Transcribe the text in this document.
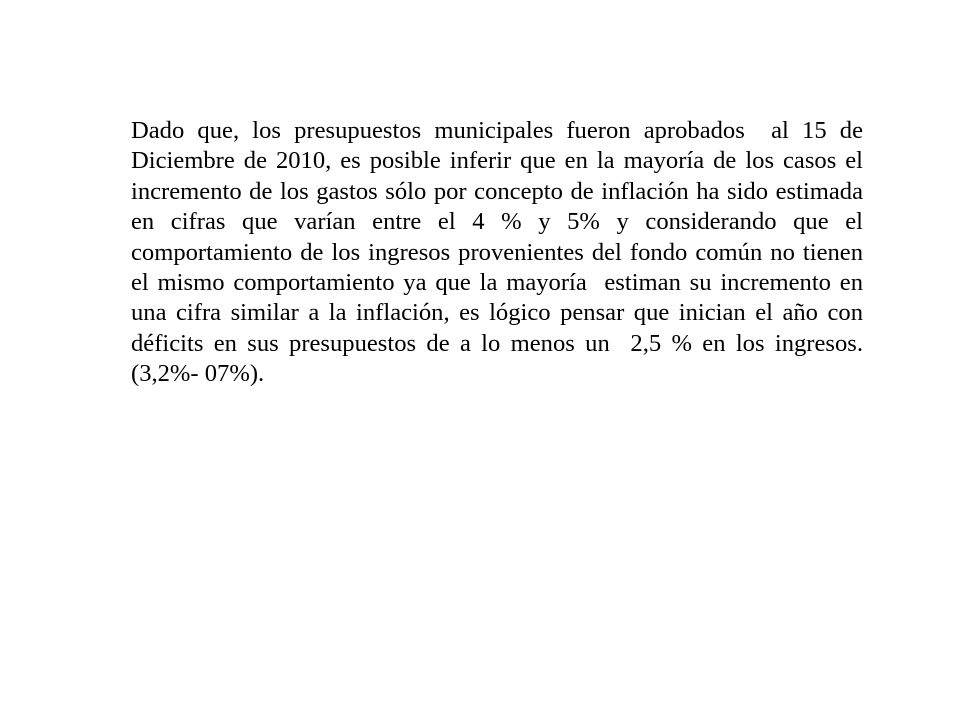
Dado que, los presupuestos municipales fueron aprobados  al 15 de Diciembre de 2010, es posible inferir que en la mayoría de los casos el incremento de los gastos sólo por concepto de inflación ha sido estimada en cifras que varían entre el 4 % y 5% y considerando que el comportamiento de los ingresos provenientes del fondo común no tienen el mismo comportamiento ya que la mayoría  estiman su incremento en una cifra similar a la inflación, es lógico pensar que inician el año con déficits en sus presupuestos de a lo menos un  2,5 % en los ingresos.  (3,2%- 07%).
